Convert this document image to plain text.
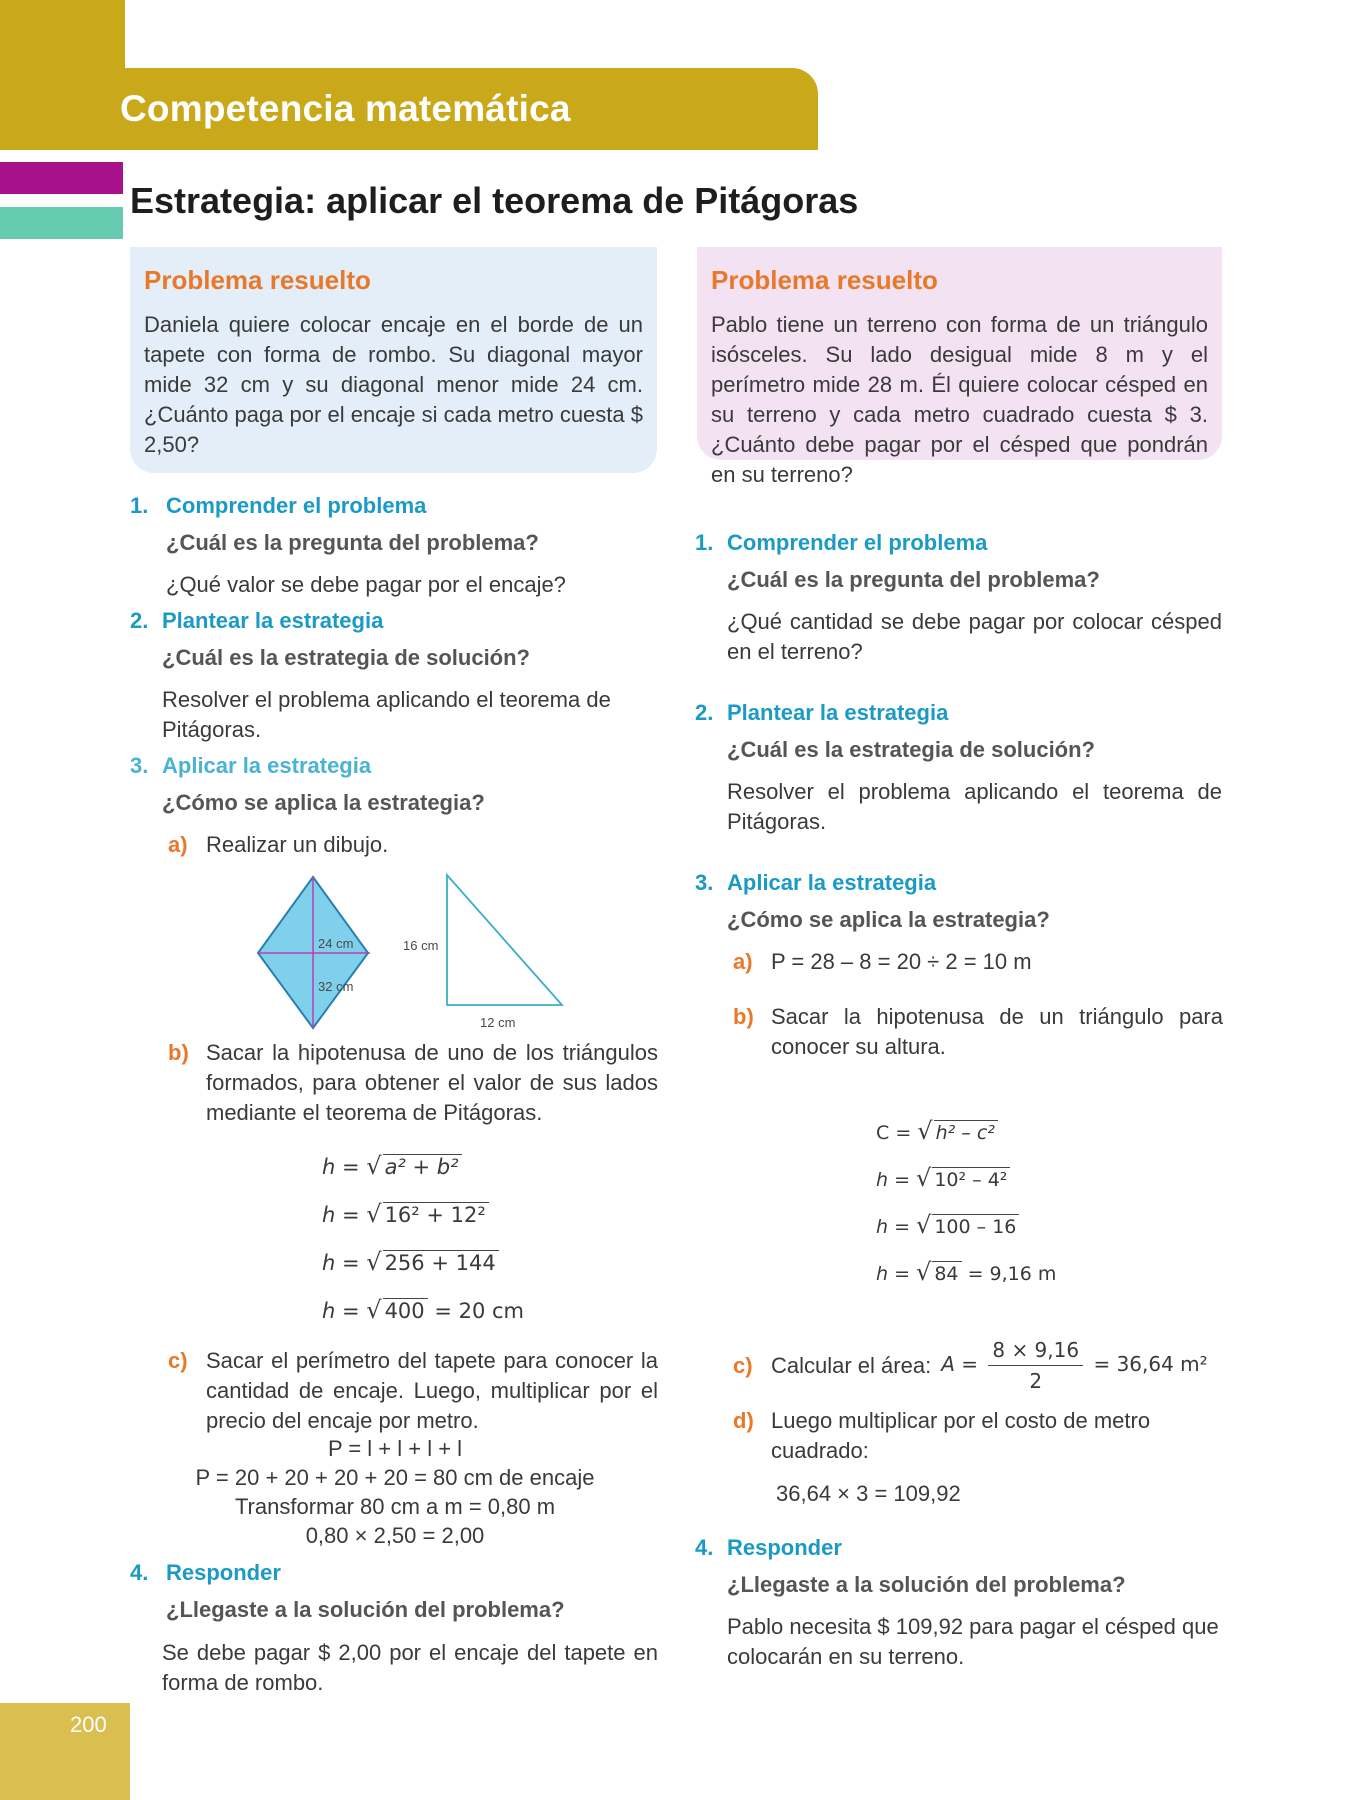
Competencia matemática
Estrategia: aplicar el teorema de Pitágoras
Problema resuelto
Daniela quiere colocar encaje en el borde de un tapete con forma de rombo. Su diagonal mayor mide 32 cm y su diagonal menor mide 24 cm. ¿Cuánto paga por el encaje si cada metro cuesta $ 2,50?
Problema resuelto
Pablo tiene un terreno con forma de un triángulo isósceles. Su lado desigual mide 8 m y el perímetro mide 28 m. Él quiere colocar césped en su terreno y cada metro cuadrado cuesta $ 3. ¿Cuánto debe pagar por el césped que pondrán en su terreno?
1. Comprender el problema
¿Cuál es la pregunta del problema?
¿Qué valor se debe pagar por el encaje?
2. Plantear la estrategia
¿Cuál es la estrategia de solución?
Resolver el problema aplicando el teorema de Pitágoras.
3. Aplicar la estrategia
¿Cómo se aplica la estrategia?
a) Realizar un dibujo.
24 cm
32 cm
16 cm
12 cm
b) Sacar la hipotenusa de uno de los triángulos formados, para obtener el valor de sus lados mediante el teorema de Pitágoras.
h = √ a² + b²
h = √ 16² + 12²
h = √ 256 + 144
h = √ 400 = 20 cm
c) Sacar el perímetro del tapete para conocer la cantidad de encaje. Luego, multiplicar por el precio del encaje por metro.
P = l + l + l + l
P = 20 + 20 + 20 + 20 = 80 cm de encaje
Transformar 80 cm a m = 0,80 m
0,80 × 2,50 = 2,00
4. Responder
¿Llegaste a la solución del problema?
Se debe pagar $ 2,00 por el encaje del tapete en forma de rombo.
1. Comprender el problema
¿Cuál es la pregunta del problema?
¿Qué cantidad se debe pagar por colocar césped en el terreno?
2. Plantear la estrategia
¿Cuál es la estrategia de solución?
Resolver el problema aplicando el teorema de Pitágoras.
3. Aplicar la estrategia
¿Cómo se aplica la estrategia?
a) P = 28 – 8 = 20 ÷ 2 = 10 m
b) Sacar la hipotenusa de un triángulo para conocer su altura.
C = √ h² – c²
h = √ 10² – 4²
h = √ 100 – 16
h = √ 84 = 9,16 m
c) Calcular el área: $A = \frac{8 \times 9,16}{2} = 36,64$ m²
d) Luego multiplicar por el costo de metro cuadrado:
36,64 × 3 = 109,92
4. Responder
¿Llegaste a la solución del problema?
Pablo necesita $ 109,92 para pagar el césped que colocarán en su terreno.
200
